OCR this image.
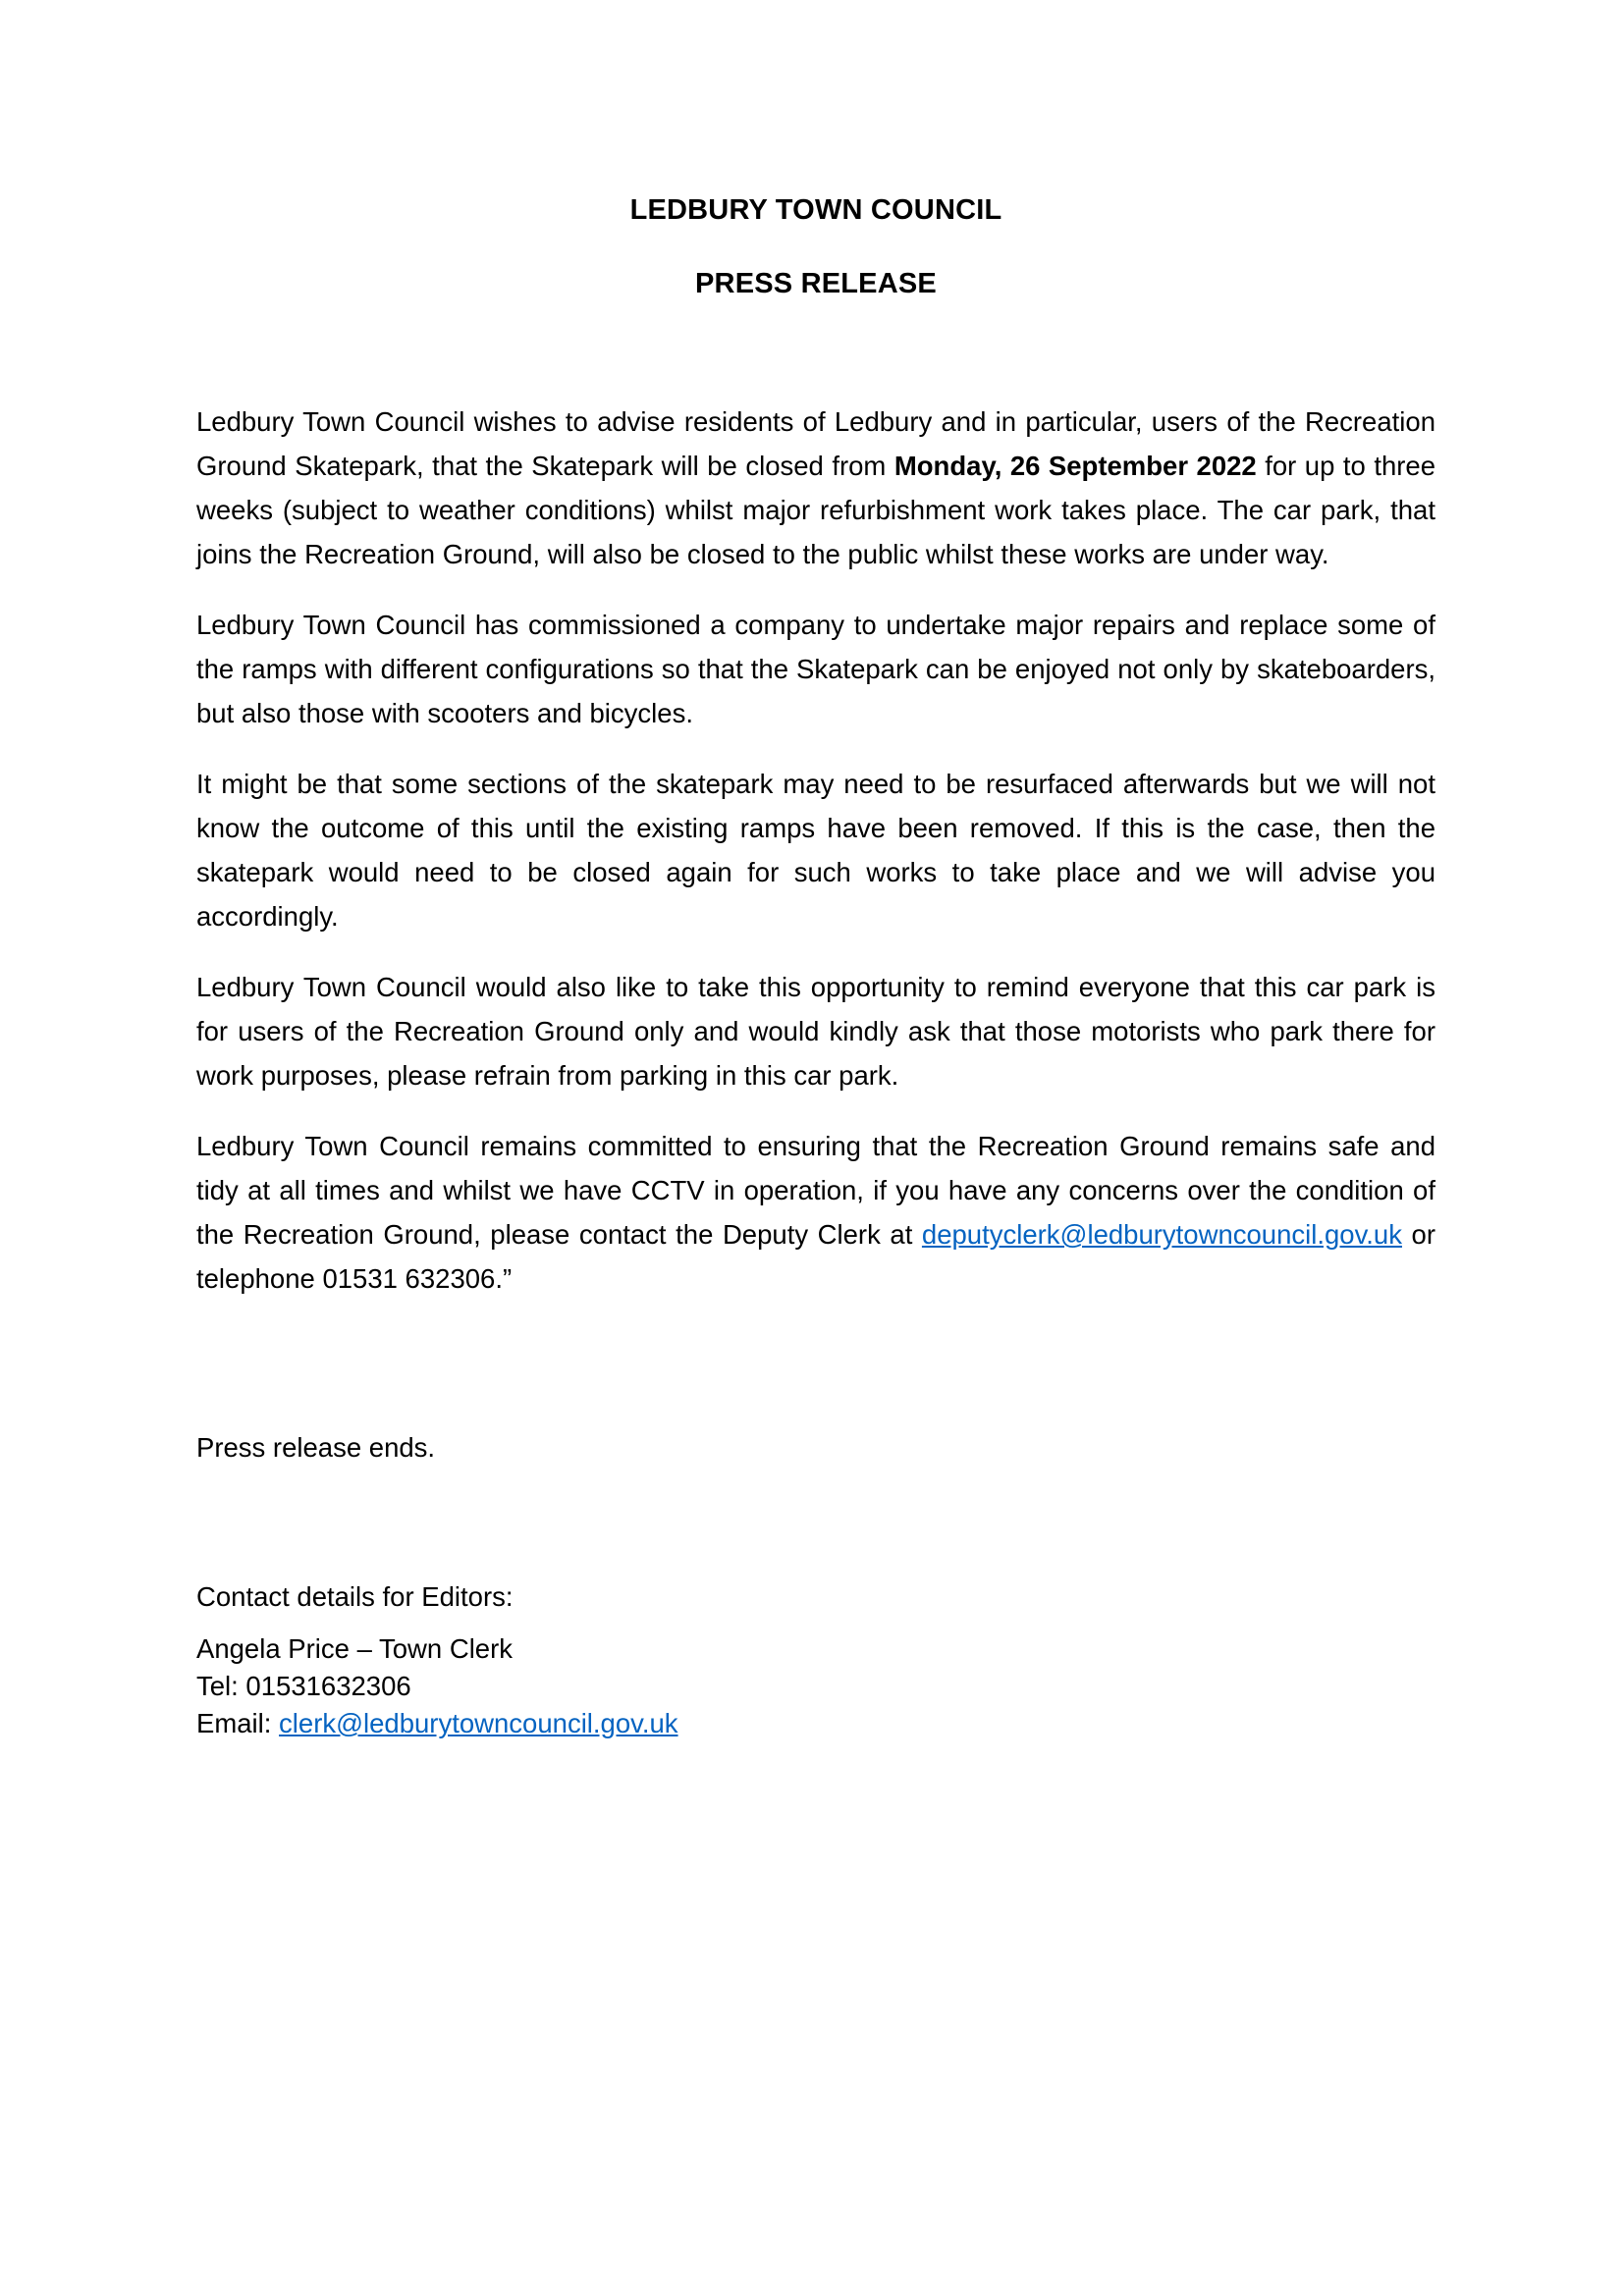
LEDBURY TOWN COUNCIL
PRESS RELEASE

Ledbury Town Council wishes to advise residents of Ledbury and in particular, users of the Recreation Ground Skatepark, that the Skatepark will be closed from Monday, 26 September 2022 for up to three weeks (subject to weather conditions) whilst major refurbishment work takes place. The car park, that joins the Recreation Ground, will also be closed to the public whilst these works are under way.

Ledbury Town Council has commissioned a company to undertake major repairs and replace some of the ramps with different configurations so that the Skatepark can be enjoyed not only by skateboarders, but also those with scooters and bicycles.

It might be that some sections of the skatepark may need to be resurfaced afterwards but we will not know the outcome of this until the existing ramps have been removed. If this is the case, then the skatepark would need to be closed again for such works to take place and we will advise you accordingly.

Ledbury Town Council would also like to take this opportunity to remind everyone that this car park is for users of the Recreation Ground only and would kindly ask that those motorists who park there for work purposes, please refrain from parking in this car park.

Ledbury Town Council remains committed to ensuring that the Recreation Ground remains safe and tidy at all times and whilst we have CCTV in operation, if you have any concerns over the condition of the Recreation Ground, please contact the Deputy Clerk at deputyclerk@ledburytowncouncil.gov.uk or telephone 01531 632306.”

Press release ends.

Contact details for Editors:

Angela Price – Town Clerk
Tel: 01531632306
Email: clerk@ledburytowncouncil.gov.uk
